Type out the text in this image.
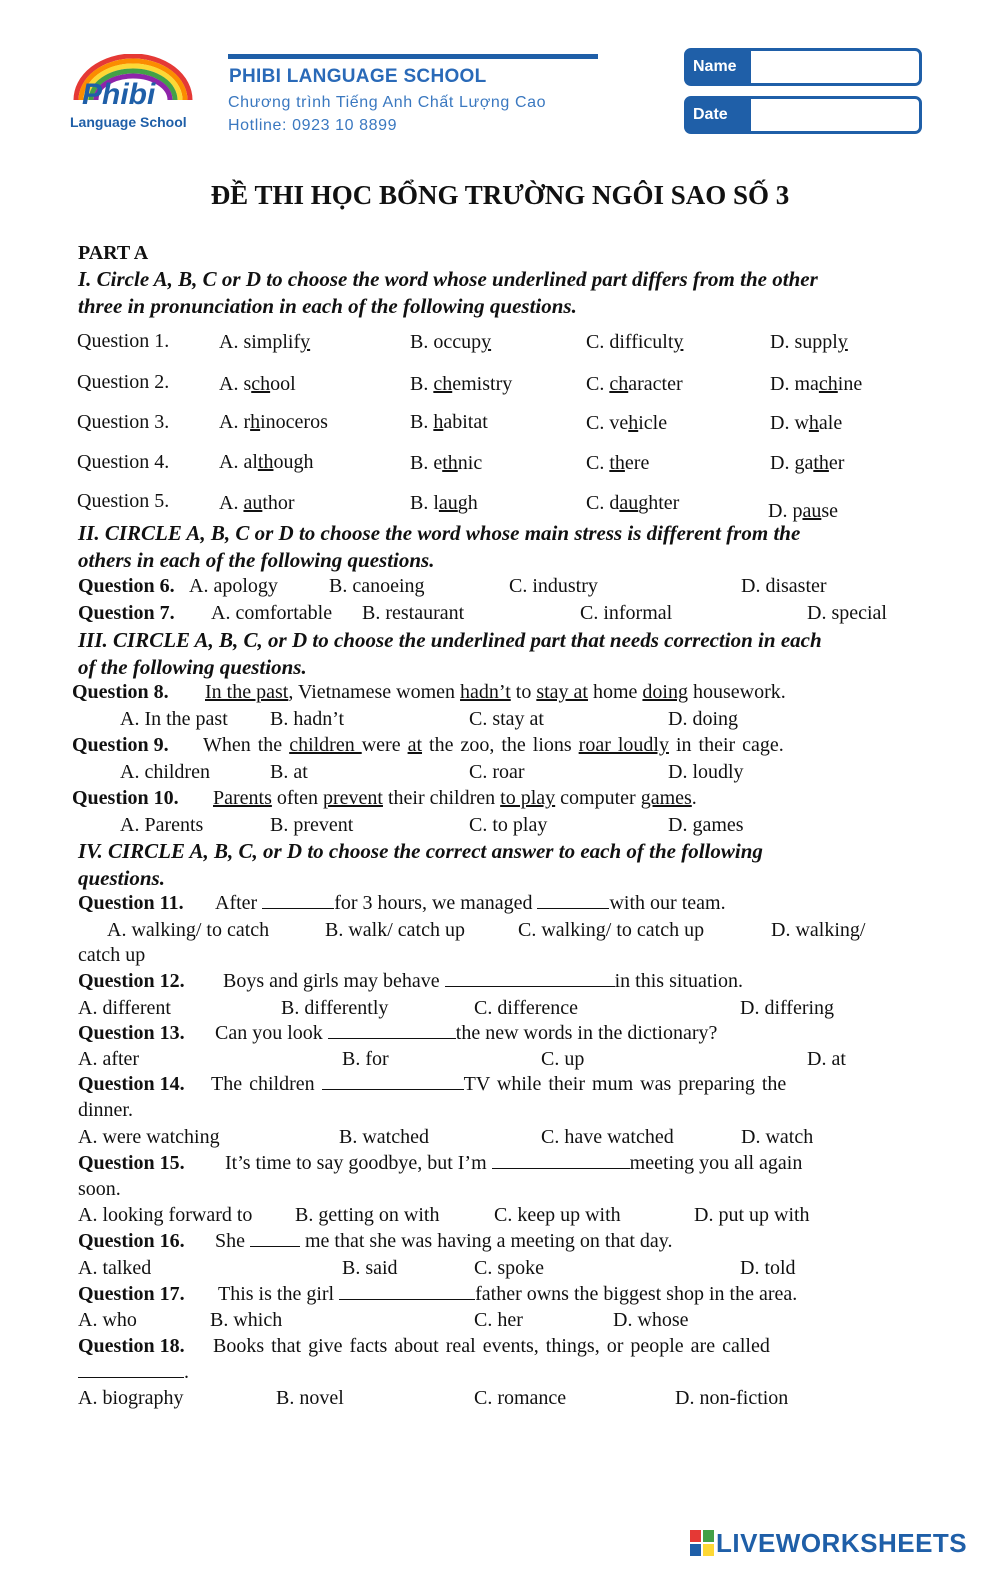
Phibi
Language School
PHIBI LANGUAGE SCHOOL
Chương trình Tiếng Anh Chất Lượng Cao
Hotline: 0923 10 8899
Name
Date
ĐỀ THI HỌC BỔNG TRƯỜNG NGÔI SAO SỐ 3
PART A
I. Circle A, B, C or D to choose the word whose underlined part differs from the other
three in pronunciation in each of the following questions.
Question 1. A. simplify	B. occupy	C. difficulty	D. supply
Question 2. A. school	B. chemistry	C. character	D. machine
Question 3. A. rhinoceros	B. habitat	C. vehicle	D. whale
Question 4. A. although	B. ethnic	C. there	D. gather
Question 5. A. author	B. laugh	C. daughter	D. pause
II. CIRCLE A, B, C or D to choose the word whose main stress is different from the
others in each of the following questions.
Question 6. A. apology	B. canoeing	C. industry	D. disaster
Question 7. A. comfortable B. restaurant	C. informal	D. special
III. CIRCLE A, B, C, or D to choose the underlined part that needs correction in each
of the following questions.
Question 8. In the past, Vietnamese women hadn’t to stay at home doing housework.
A. In the past B. hadn’t	C. stay at	D. doing
Question 9. When the children were at the zoo, the lions roar loudly in their cage.
A. children	B. at	C. roar	D. loudly
Question 10. Parents often prevent their children to play computer games.
A. Parents	B. prevent	C. to play	D. games
IV. CIRCLE A, B, C, or D to choose the correct answer to each of the following
questions.
Question 11. After	for 3 hours, we managed	with our team.
A. walking/ to catch	B. walk/ catch up	C. walking/ to catch up	D. walking/
catch up
Question 12. Boys and girls may behave	in this situation.
A. different	B. differently	C. difference	D. differing
Question 13. Can you look	the new words in the dictionary?
A. after	B. for	C. up	D. at
Question 14. The children	TV while their mum was preparing the
dinner.
A. were watching	B. watched	C. have watched	D. watch
Question 15. It’s time to say goodbye, but I’m	meeting you all again
soon.
A. looking forward to B. getting on with	C. keep up with	D. put up with
Question 16. She	me that she was having a meeting on that day.
A. talked	B. said	C. spoke	D. told
Question 17. This is the girl	father owns the biggest shop in the area.
A. who	B. which	C. her	D. whose
Question 18. Books that give facts about real events, things, or people are called
.
A. biography	B. novel	C. romance	D. non-fiction
LIVEWORKSHEETS
